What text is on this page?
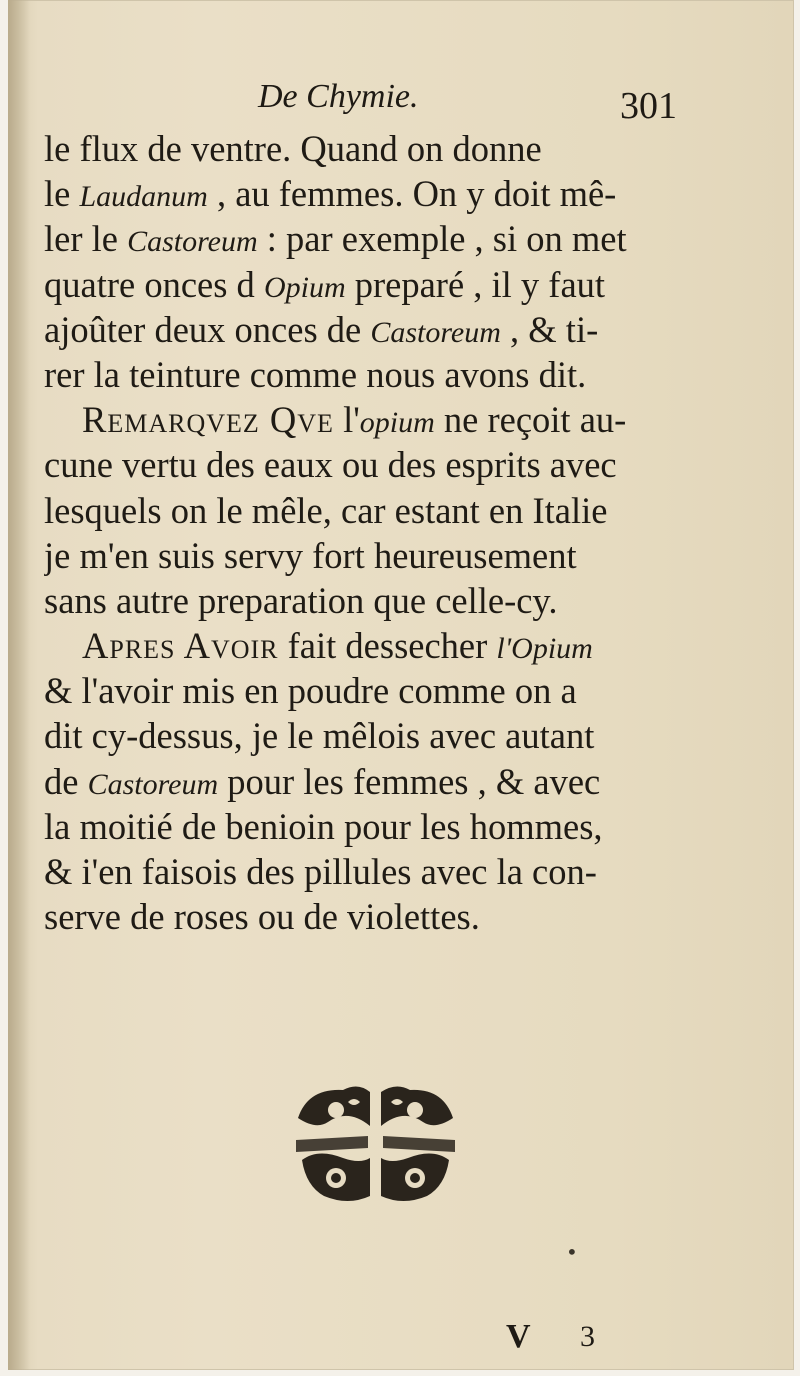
De Chymie.	301
le flux de ventre. Quand on donne
le Laudanum , au femmes. On y doit mê-
ler le Castoreum : par exemple , si on met
quatre onces d Opium preparé , il y faut
ajoûter deux onces de Castoreum , & ti-
rer la teinture comme nous avons dit.
Remarqvez Qve l'opium ne reçoit au-
cune vertu des eaux ou des esprits avec
lesquels on le mêle, car estant en Italie
je m'en suis servy fort heureusement
sans autre preparation que celle-cy.
Apres Avoir fait dessecher l'Opium
& l'avoir mis en poudre comme on a
dit cy-dessus, je le mêlois avec autant
de Castoreum pour les femmes , & avec
la moitié de benioin pour les hommes,
& i'en faisois des pillules avec la con-
serve de roses ou de violettes.
V 3
•
